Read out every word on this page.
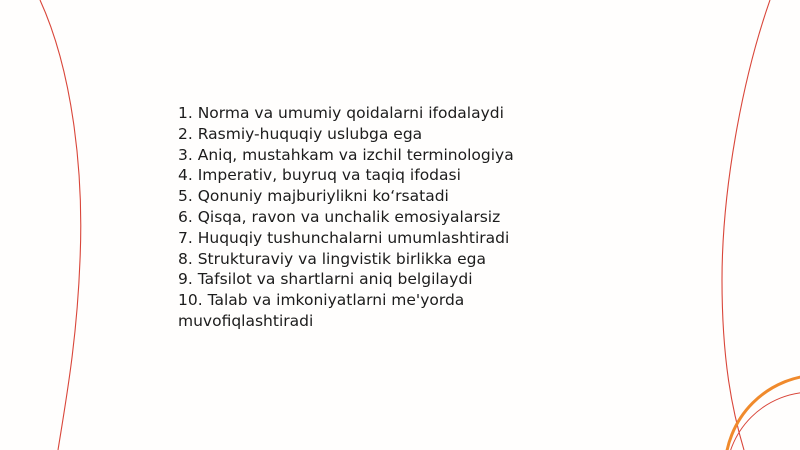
1. Norma va umumiy qoidalarni ifodalaydi
2. Rasmiy-huquqiy uslubga ega
3. Aniq, mustahkam va izchil terminologiya
4. Imperativ, buyruq va taqiq ifodasi
5. Qonuniy majburiylikni ko‘rsatadi
6. Qisqa, ravon va unchalik emosiyalarsiz
7. Huquqiy tushunchalarni umumlashtiradi
8. Strukturaviy va lingvistik birlikka ega
9. Tafsilot va shartlarni aniq belgilaydi
10. Talab va imkoniyatlarni me'yorda muvofiqlashtiradi
